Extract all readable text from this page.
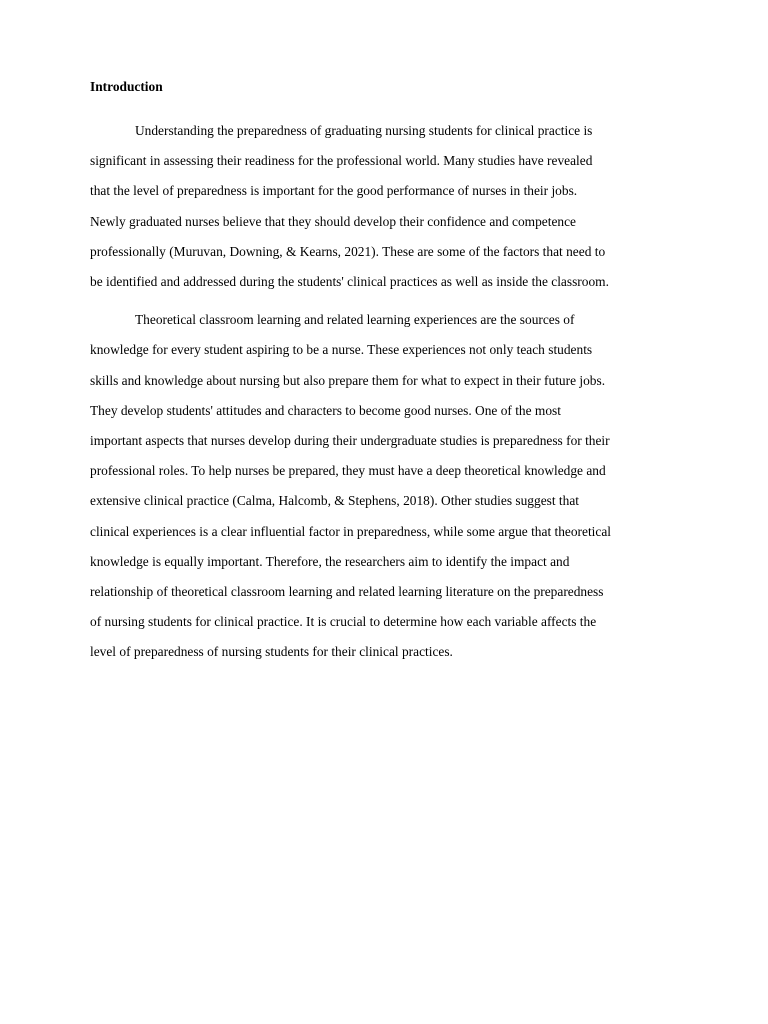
Introduction
Understanding the preparedness of graduating nursing students for clinical practice is
significant in assessing their readiness for the professional world. Many studies have revealed
that the level of preparedness is important for the good performance of nurses in their jobs.
Newly graduated nurses believe that they should develop their confidence and competence
professionally (Muruvan, Downing, & Kearns, 2021). These are some of the factors that need to
be identified and addressed during the students' clinical practices as well as inside the classroom.
Theoretical classroom learning and related learning experiences are the sources of
knowledge for every student aspiring to be a nurse. These experiences not only teach students
skills and knowledge about nursing but also prepare them for what to expect in their future jobs.
They develop students' attitudes and characters to become good nurses. One of the most
important aspects that nurses develop during their undergraduate studies is preparedness for their
professional roles. To help nurses be prepared, they must have a deep theoretical knowledge and
extensive clinical practice (Calma, Halcomb, & Stephens, 2018). Other studies suggest that
clinical experiences is a clear influential factor in preparedness, while some argue that theoretical
knowledge is equally important. Therefore, the researchers aim to identify the impact and
relationship of theoretical classroom learning and related learning literature on the preparedness
of nursing students for clinical practice. It is crucial to determine how each variable affects the
level of preparedness of nursing students for their clinical practices.
